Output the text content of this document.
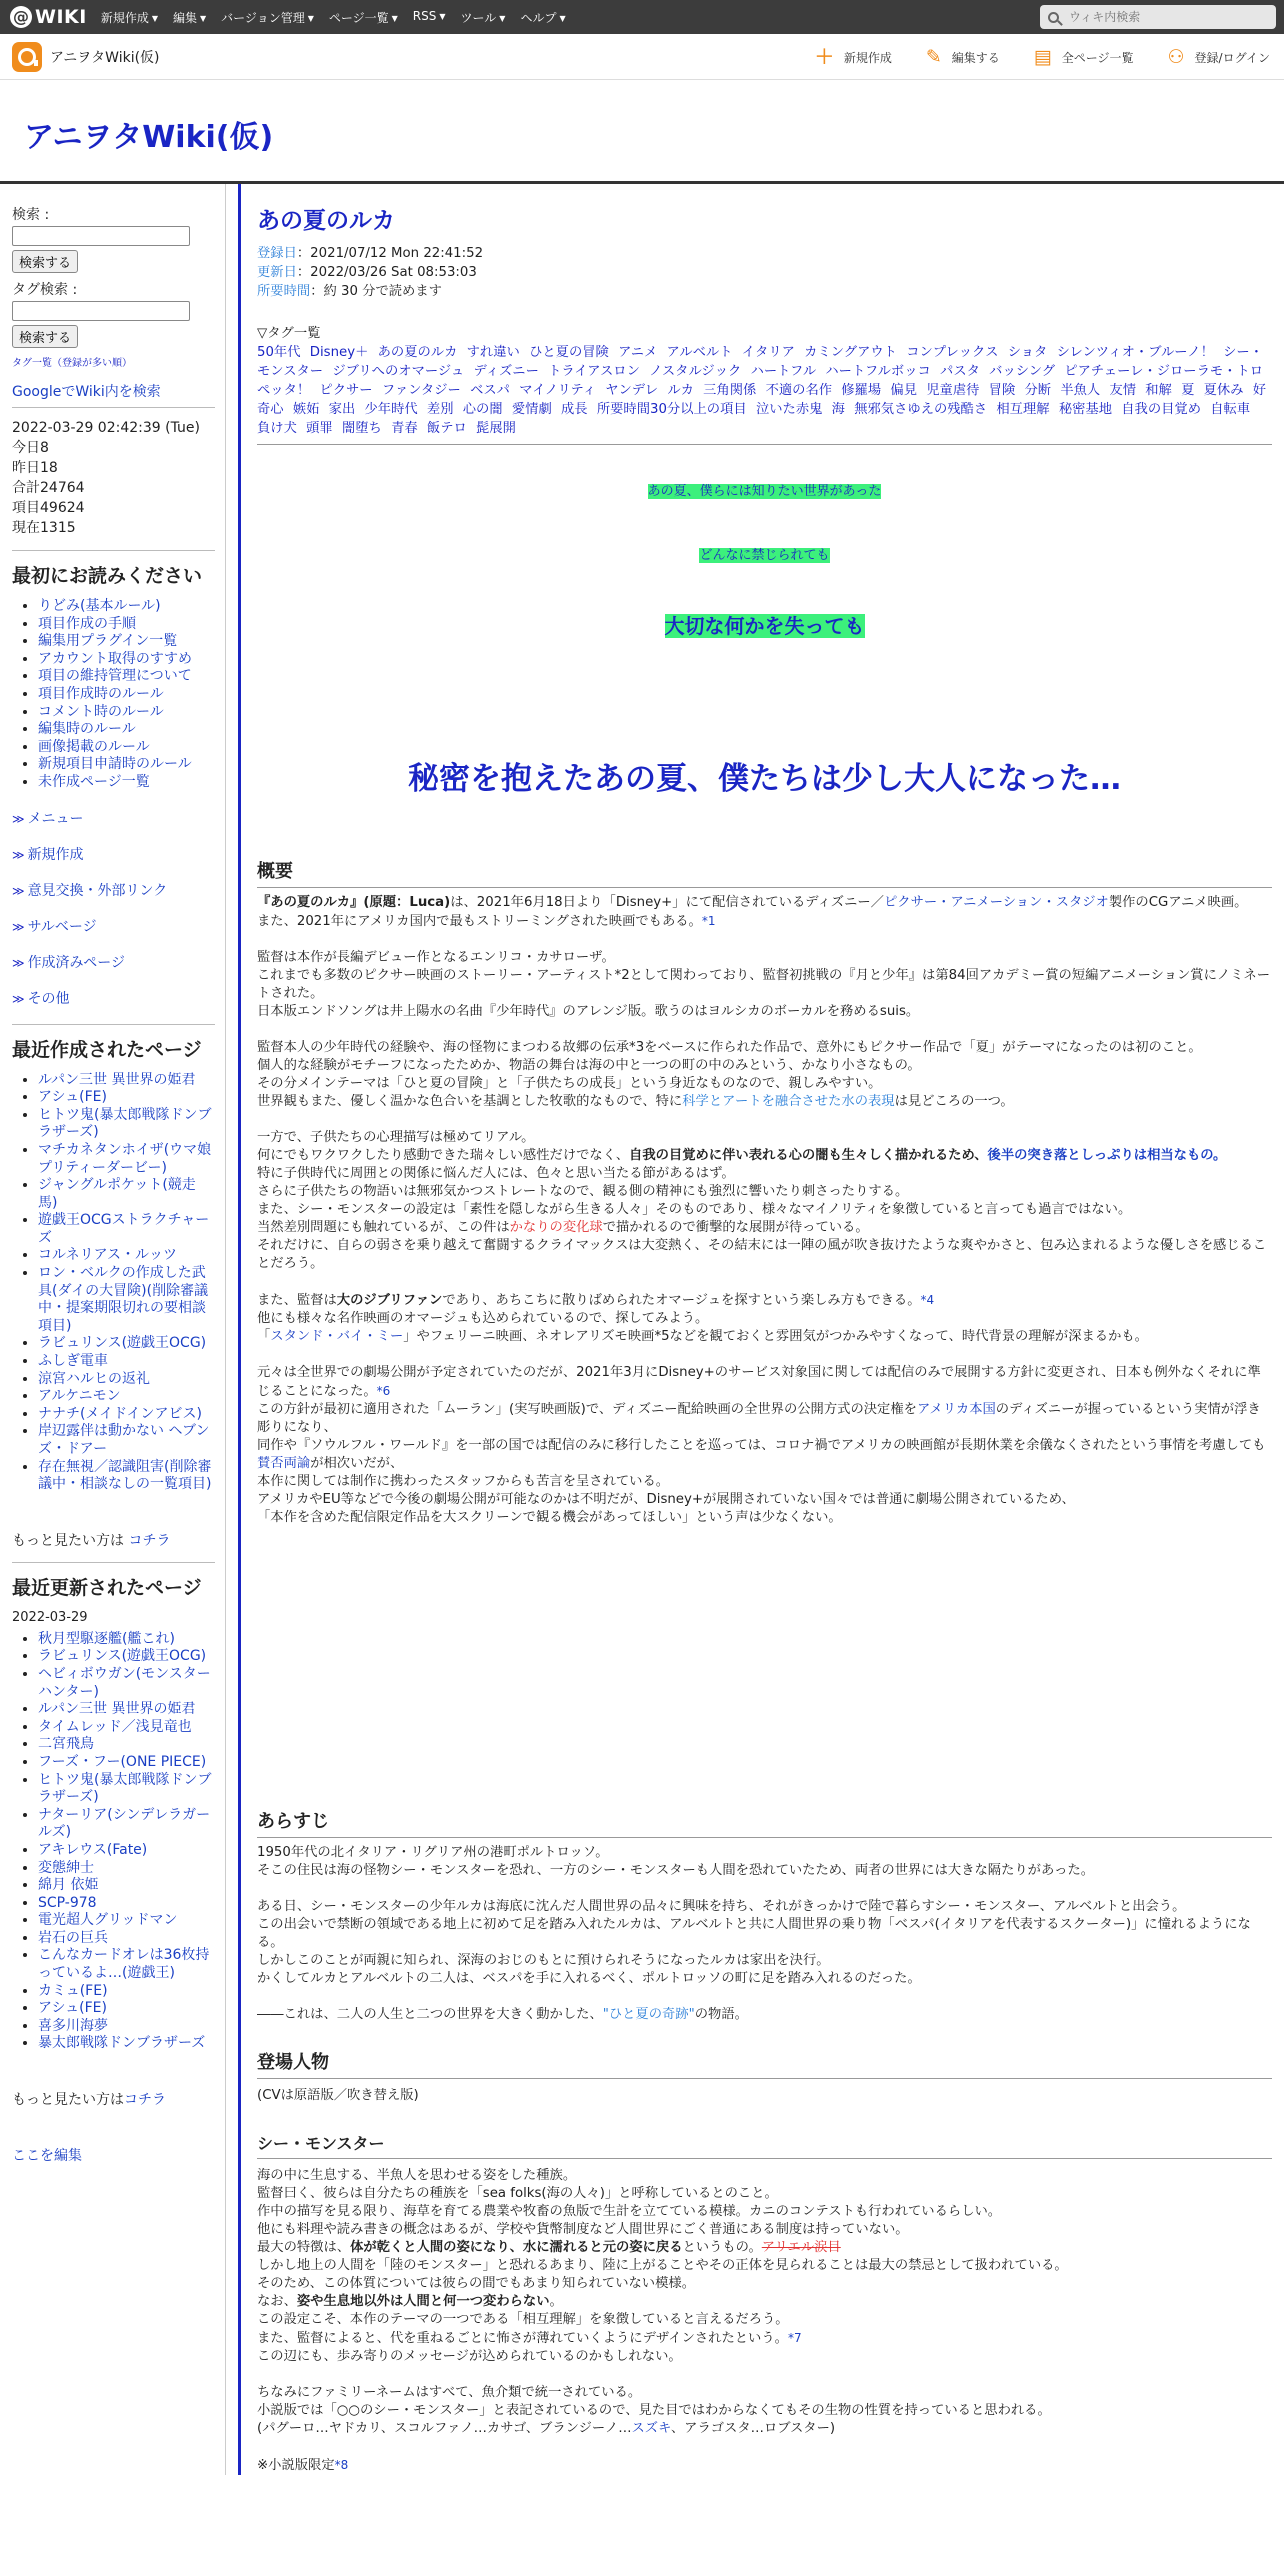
@ WIKI 新規作成 ▼ 編集 ▼ バージョン管理 ▼ ページ一覧 ▼ RSS ▼ ツール ▼ ヘルプ ▼
ウィキ内検索
アニヲタWiki(仮)	＋ 新規作成 ✎ 編集する ▤ 全ページ一覧 ⚇ 登録/ログイン
アニヲタWiki(仮)
検索 :
検索する
タグ検索 :
検索する
タグ一覧（登録が多い順）
GoogleでWiki内を検索
2022-03-29 02:42:39 (Tue)
今日8
昨日18
合計24764
項目49624
現在1315
最初にお読みください
• りどみ(基本ルール)
• 項目作成の手順
• 編集用プラグイン一覧
• アカウント取得のすすめ
• 項目の維持管理について
• 項目作成時のルール
• コメント時のルール
• 編集時のルール
• 画像掲載のルール
• 新規項目申請時のルール
• 未作成ページ一覧
≫ メニュー
≫ 新規作成
≫ 意見交換・外部リンク
≫ サルベージ
≫ 作成済みページ
≫ その他
最近作成されたページ
• ルパン三世 異世界の姫君
• アシュ(FE)
• ヒトツ鬼(暴太郎戦隊ドンブラザーズ)
• マチカネタンホイザ(ウマ娘 プリティーダービー)
• ジャングルポケット(競走馬)
• 遊戯王OCGストラクチャーズ
• コルネリアス・ルッツ
• ロン・ベルクの作成した武具(ダイの大冒険)(削除審議中・提案期限切れの要相談項目)
• ラビュリンス(遊戯王OCG)
• ふしぎ電車
• 涼宮ハルヒの返礼
• アルケニモン
• ナナチ(メイドインアビス)
• 岸辺露伴は動かない ヘブンズ・ドアー
• 存在無視／認識阻害(削除審議中・相談なしの一覧項目)
もっと見たい方は コチラ
最近更新されたページ
2022-03-29
• 秋月型駆逐艦(艦これ)
• ラビュリンス(遊戯王OCG)
• ヘビィボウガン(モンスターハンター)
• ルパン三世 異世界の姫君
• タイムレッド／浅見竜也
• 二宮飛鳥
• フーズ・フー(ONE PIECE)
• ヒトツ鬼(暴太郎戦隊ドンブラザーズ)
• ナターリア(シンデレラガールズ)
• アキレウス(Fate)
• 変態紳士
• 綿月 依姫
• SCP-978
• 電光超人グリッドマン
• 岩石の巨兵
• こんなカードオレは36枚持っているよ…(遊戯王)
• カミュ(FE)
• アシュ(FE)
• 喜多川海夢
• 暴太郎戦隊ドンブラザーズ
もっと見たい方はコチラ
ここを編集
あの夏のルカ
登録日：2021/07/12 Mon 22:41:52
更新日：2022/03/26 Sat 08:53:03
所要時間：約 30 分で読めます
▽タグ一覧
50年代 Disney＋ あの夏のルカ すれ違い ひと夏の冒険 アニメ アルベルト イタリア カミングアウト コンプレックス ショタ シレンツィオ・ブルーノ！ シー・モンスター ジブリへのオマージュ ディズニー トライアスロン ノスタルジック ハートフル ハートフルボッコ パスタ バッシング ピアチェーレ・ジローラモ・トロペッタ！ ピクサー ファンタジー ベスパ マイノリティ ヤンデレ ルカ 三角関係 不適の名作 修羅場 偏見 児童虐待 冒険 分断 半魚人 友情 和解 夏 夏休み 好奇心 嫉妬 家出 少年時代 差別 心の闇 愛情劇 成長 所要時間30分以上の項目 泣いた赤鬼 海 無邪気さゆえの残酷さ 相互理解 秘密基地 自我の目覚め 自転車 負け犬 頭罪 闇堕ち 青春 飯テロ 髭展開
あの夏、僕らには知りたい世界があった
どんなに禁じられても
大切な何かを失っても
秘密を抱えたあの夏、僕たちは少し大人になった…
概要

『あの夏のルカ』(原題：Luca)は、2021年6月18日より「Disney+」にて配信されているディズニー／ピクサー・アニメーション・スタジオ製作のCGアニメ映画。

また、2021年にアメリカ国内で最もストリーミングされた映画でもある。*1

監督は本作が長編デビュー作となるエンリコ・カサローザ。

これまでも多数のピクサー映画のストーリー・アーティスト*2として関わっており、監督初挑戦の『月と少年』は第84回アカデミー賞の短編アニメーション賞にノミネートされた。

日本版エンドソングは井上陽水の名曲『少年時代』のアレンジ版。歌うのはヨルシカのボーカルを務めるsuis。

監督本人の少年時代の経験や、海の怪物にまつわる故郷の伝承*3をベースに作られた作品で、意外にもピクサー作品で「夏」がテーマになったのは初のこと。

個人的な経験がモチーフになったためか、物語の舞台は海の中と一つの町の中のみという、かなり小さなもの。

その分メインテーマは「ひと夏の冒険」と「子供たちの成長」という身近なものなので、親しみやすい。

世界観もまた、優しく温かな色合いを基調とした牧歌的なもので、特に科学とアートを融合させた水の表現は見どころの一つ。

一方で、子供たちの心理描写は極めてリアル。

何にでもワクワクしたり感動できた瑞々しい感性だけでなく、自我の目覚めに伴い表れる心の闇も生々しく描かれるため、後半の突き落としっぷりは相当なもの。

特に子供時代に周囲との関係に悩んだ人には、色々と思い当たる節があるはず。

さらに子供たちの物語いは無邪気かつストレートなので、観る側の精神にも強烈に響いたり刺さったりする。

また、シー・モンスターの設定は「素性を隠しながら生きる人々」そのものであり、様々なマイノリティを象徴していると言っても過言ではない。

当然差別問題にも触れているが、この件はかなりの変化球で描かれるので衝撃的な展開が待っている。

それだけに、自らの弱さを乗り越えて奮闘するクライマックスは大変熱く、その結末には一陣の風が吹き抜けたような爽やかさと、包み込まれるような優しさを感じることだろう。

また、監督は大のジブリファンであり、あちこちに散りばめられたオマージュを探すという楽しみ方もできる。*4

他にも様々な名作映画のオマージュも込められているので、探してみよう。

「スタンド・バイ・ミー」やフェリーニ映画、ネオレアリズモ映画*5などを観ておくと雰囲気がつかみやすくなって、時代背景の理解が深まるかも。

元々は全世界での劇場公開が予定されていたのだが、2021年3月にDisney+のサービス対象国に関しては配信のみで展開する方針に変更され、日本も例外なくそれに準じることになった。*6

この方針が最初に適用された「ムーラン」(実写映画版)で、ディズニー配給映画の全世界の公開方式の決定権をアメリカ本国のディズニーが握っているという実情が浮き彫りになり、

同作や『ソウルフル・ワールド』を一部の国では配信のみに移行したことを巡っては、コロナ禍でアメリカの映画館が長期休業を余儀なくされたという事情を考慮しても賛否両論が相次いだが、

本作に関しては制作に携わったスタッフからも苦言を呈されている。

アメリカやEU等などで今後の劇場公開が可能なのかは不明だが、Disney+が展開されていない国々では普通に劇場公開されているため、

「本作を含めた配信限定作品を大スクリーンで観る機会があってほしい」という声は少なくない。

あらすじ

1950年代の北イタリア・リグリア州の港町ポルトロッソ。

そこの住民は海の怪物シー・モンスターを恐れ、一方のシー・モンスターも人間を恐れていたため、両者の世界には大きな隔たりがあった。

ある日、シー・モンスターの少年ルカは海底に沈んだ人間世界の品々に興味を持ち、それがきっかけで陸で暮らすシー・モンスター、アルベルトと出会う。

この出会いで禁断の領域である地上に初めて足を踏み入れたルカは、アルベルトと共に人間世界の乗り物「ベスパ(イタリアを代表するスクーター)」に憧れるようになる。

しかしこのことが両親に知られ、深海のおじのもとに預けられそうになったルカは家出を決行。

かくしてルカとアルベルトの二人は、ベスパを手に入れるべく、ポルトロッソの町に足を踏み入れるのだった。

――これは、二人の人生と二つの世界を大きく動かした、"ひと夏の奇跡"の物語。

登場人物

(CVは原語版／吹き替え版)

シー・モンスター

海の中に生息する、半魚人を思わせる姿をした種族。

監督曰く、彼らは自分たちの種族を「sea folks(海の人々)」と呼称しているとのこと。

作中の描写を見る限り、海草を育てる農業や牧畜の魚版で生計を立てている模様。カニのコンテストも行われているらしい。

他にも料理や読み書きの概念はあるが、学校や貨幣制度など人間世界にごく普通にある制度は持っていない。

最大の特徴は、体が乾くと人間の姿になり、水に濡れると元の姿に戻るというもの。アリエル涙目

しかし地上の人間を「陸のモンスター」と恐れるあまり、陸に上がることやその正体を見られることは最大の禁忌として扱われている。

そのため、この体質については彼らの間でもあまり知られていない模様。

なお、姿や生息地以外は人間と何一つ変わらない。

この設定こそ、本作のテーマの一つである「相互理解」を象徴していると言えるだろう。

また、監督によると、代を重ねるごとに怖さが薄れていくようにデザインされたという。*7

この辺にも、歩み寄りのメッセージが込められているのかもしれない。

ちなみにファミリーネームはすべて、魚介類で統一されている。

小説版では「○○のシー・モンスター」と表記されているので、見た目ではわからなくてもその生物の性質を持っていると思われる。

(パグーロ…ヤドカリ、スコルファノ…カサゴ、ブランジーノ…スズキ、アラゴスタ…ロブスター)

※小説版限定*8
